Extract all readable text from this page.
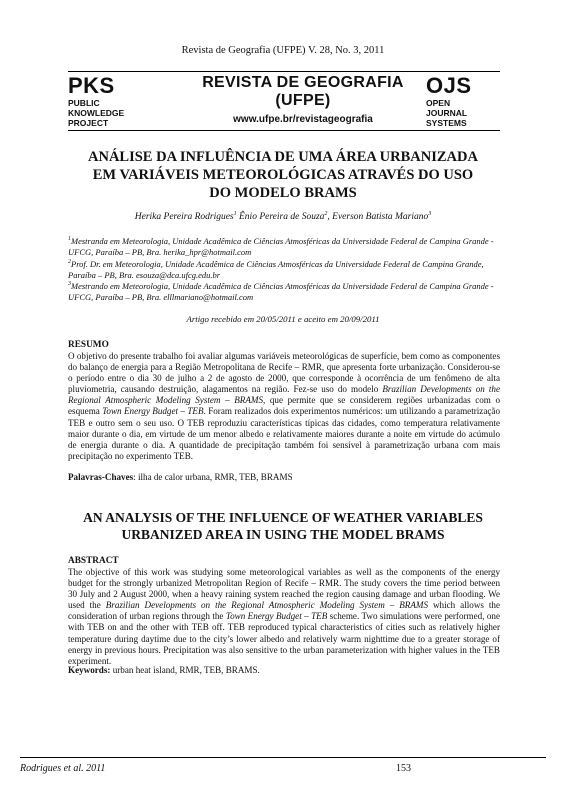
Revista de Geografia (UFPE) V. 28, No. 3, 2011
PKS
PUBLIC
KNOWLEDGE
PROJECT
REVISTA DE GEOGRAFIA
(UFPE)
www.ufpe.br/revistageografia
OJS
OPEN
JOURNAL
SYSTEMS
ANÁLISE DA INFLUÊNCIA DE UMA ÁREA URBANIZADA
EM VARIÁVEIS METEOROLÓGICAS ATRAVÉS DO USO
DO MODELO BRAMS
Herika Pereira Rodrigues$^1$ Ênio Pereira de Souza$^2$, Everson Batista Mariano$^3$
$^1$Mestranda em Meteorologia, Unidade Acadêmica de Ciências Atmosféricas da Universidade Federal de Campina Grande - UFCG, Paraíba – PB, Bra. herika_hpr@hotmail.com
$^2$Prof. Dr. em Meteorologia, Unidade Acadêmica de Ciências Atmosféricas da Universidade Federal de Campina Grande, Paraíba – PB, Bra. esouza@dca.ufcg.edu.br
$^3$Mestrando em Meteorologia, Unidade Acadêmica de Ciências Atmosféricas da Universidade Federal de Campina Grande - UFCG, Paraíba – PB, Bra. elllmariano@hotmail.com
Artigo recebido em 20/05/2011 e aceito em 20/09/2011
RESUMO
O objetivo do presente trabalho foi avaliar algumas variáveis meteorológicas de superfície, bem como as componentes do balanço de energia para a Região Metropolitana de Recife – RMR, que apresenta forte urbanização. Considerou-se o período entre o dia 30 de julho a 2 de agosto de 2000, que corresponde à ocorrência de um fenômeno de alta pluviometria, causando destruição, alagamentos na região. Fez-se uso do modelo Brazilian Developments on the Regional Atmospheric Modeling System – BRAMS, que permite que se considerem regiões urbanizadas com o esquema Town Energy Budget – TEB. Foram realizados dois experimentos numéricos: um utilizando a parametrização TEB e outro sem o seu uso. O TEB reproduziu características típicas das cidades, como temperatura relativamente maior durante o dia, em virtude de um menor albedo e relativamente maiores durante a noite em virtude do acúmulo de energia durante o dia. A quantidade de precipitação também foi sensível à parametrização urbana com mais precipitação no experimento TEB.
Palavras-Chaves: ilha de calor urbana, RMR, TEB, BRAMS
AN ANALYSIS OF THE INFLUENCE OF WEATHER VARIABLES
URBANIZED AREA IN USING THE MODEL BRAMS
ABSTRACT
The objective of this work was studying some meteorological variables as well as the components of the energy budget for the strongly urbanized Metropolitan Region of Recife – RMR. The study covers the time period between 30 July and 2 August 2000, when a heavy raining system reached the region causing damage and urban flooding. We used the Brazilian Developments on the Regional Atmospheric Modeling System – BRAMS which allows the consideration of urban regions through the Town Energy Budget – TEB scheme. Two simulations were performed, one with TEB on and the other with TEB off. TEB reproduced typical characteristics of cities such as relatively higher temperature during daytime due to the city’s lower albedo and relatively warm nighttime due to a greater storage of energy in previous hours. Precipitation was also sensitive to the urban parameterization with higher values in the TEB experiment.
Keywords: urban heat island, RMR, TEB, BRAMS.
Rodrigues et al. 2011	153
